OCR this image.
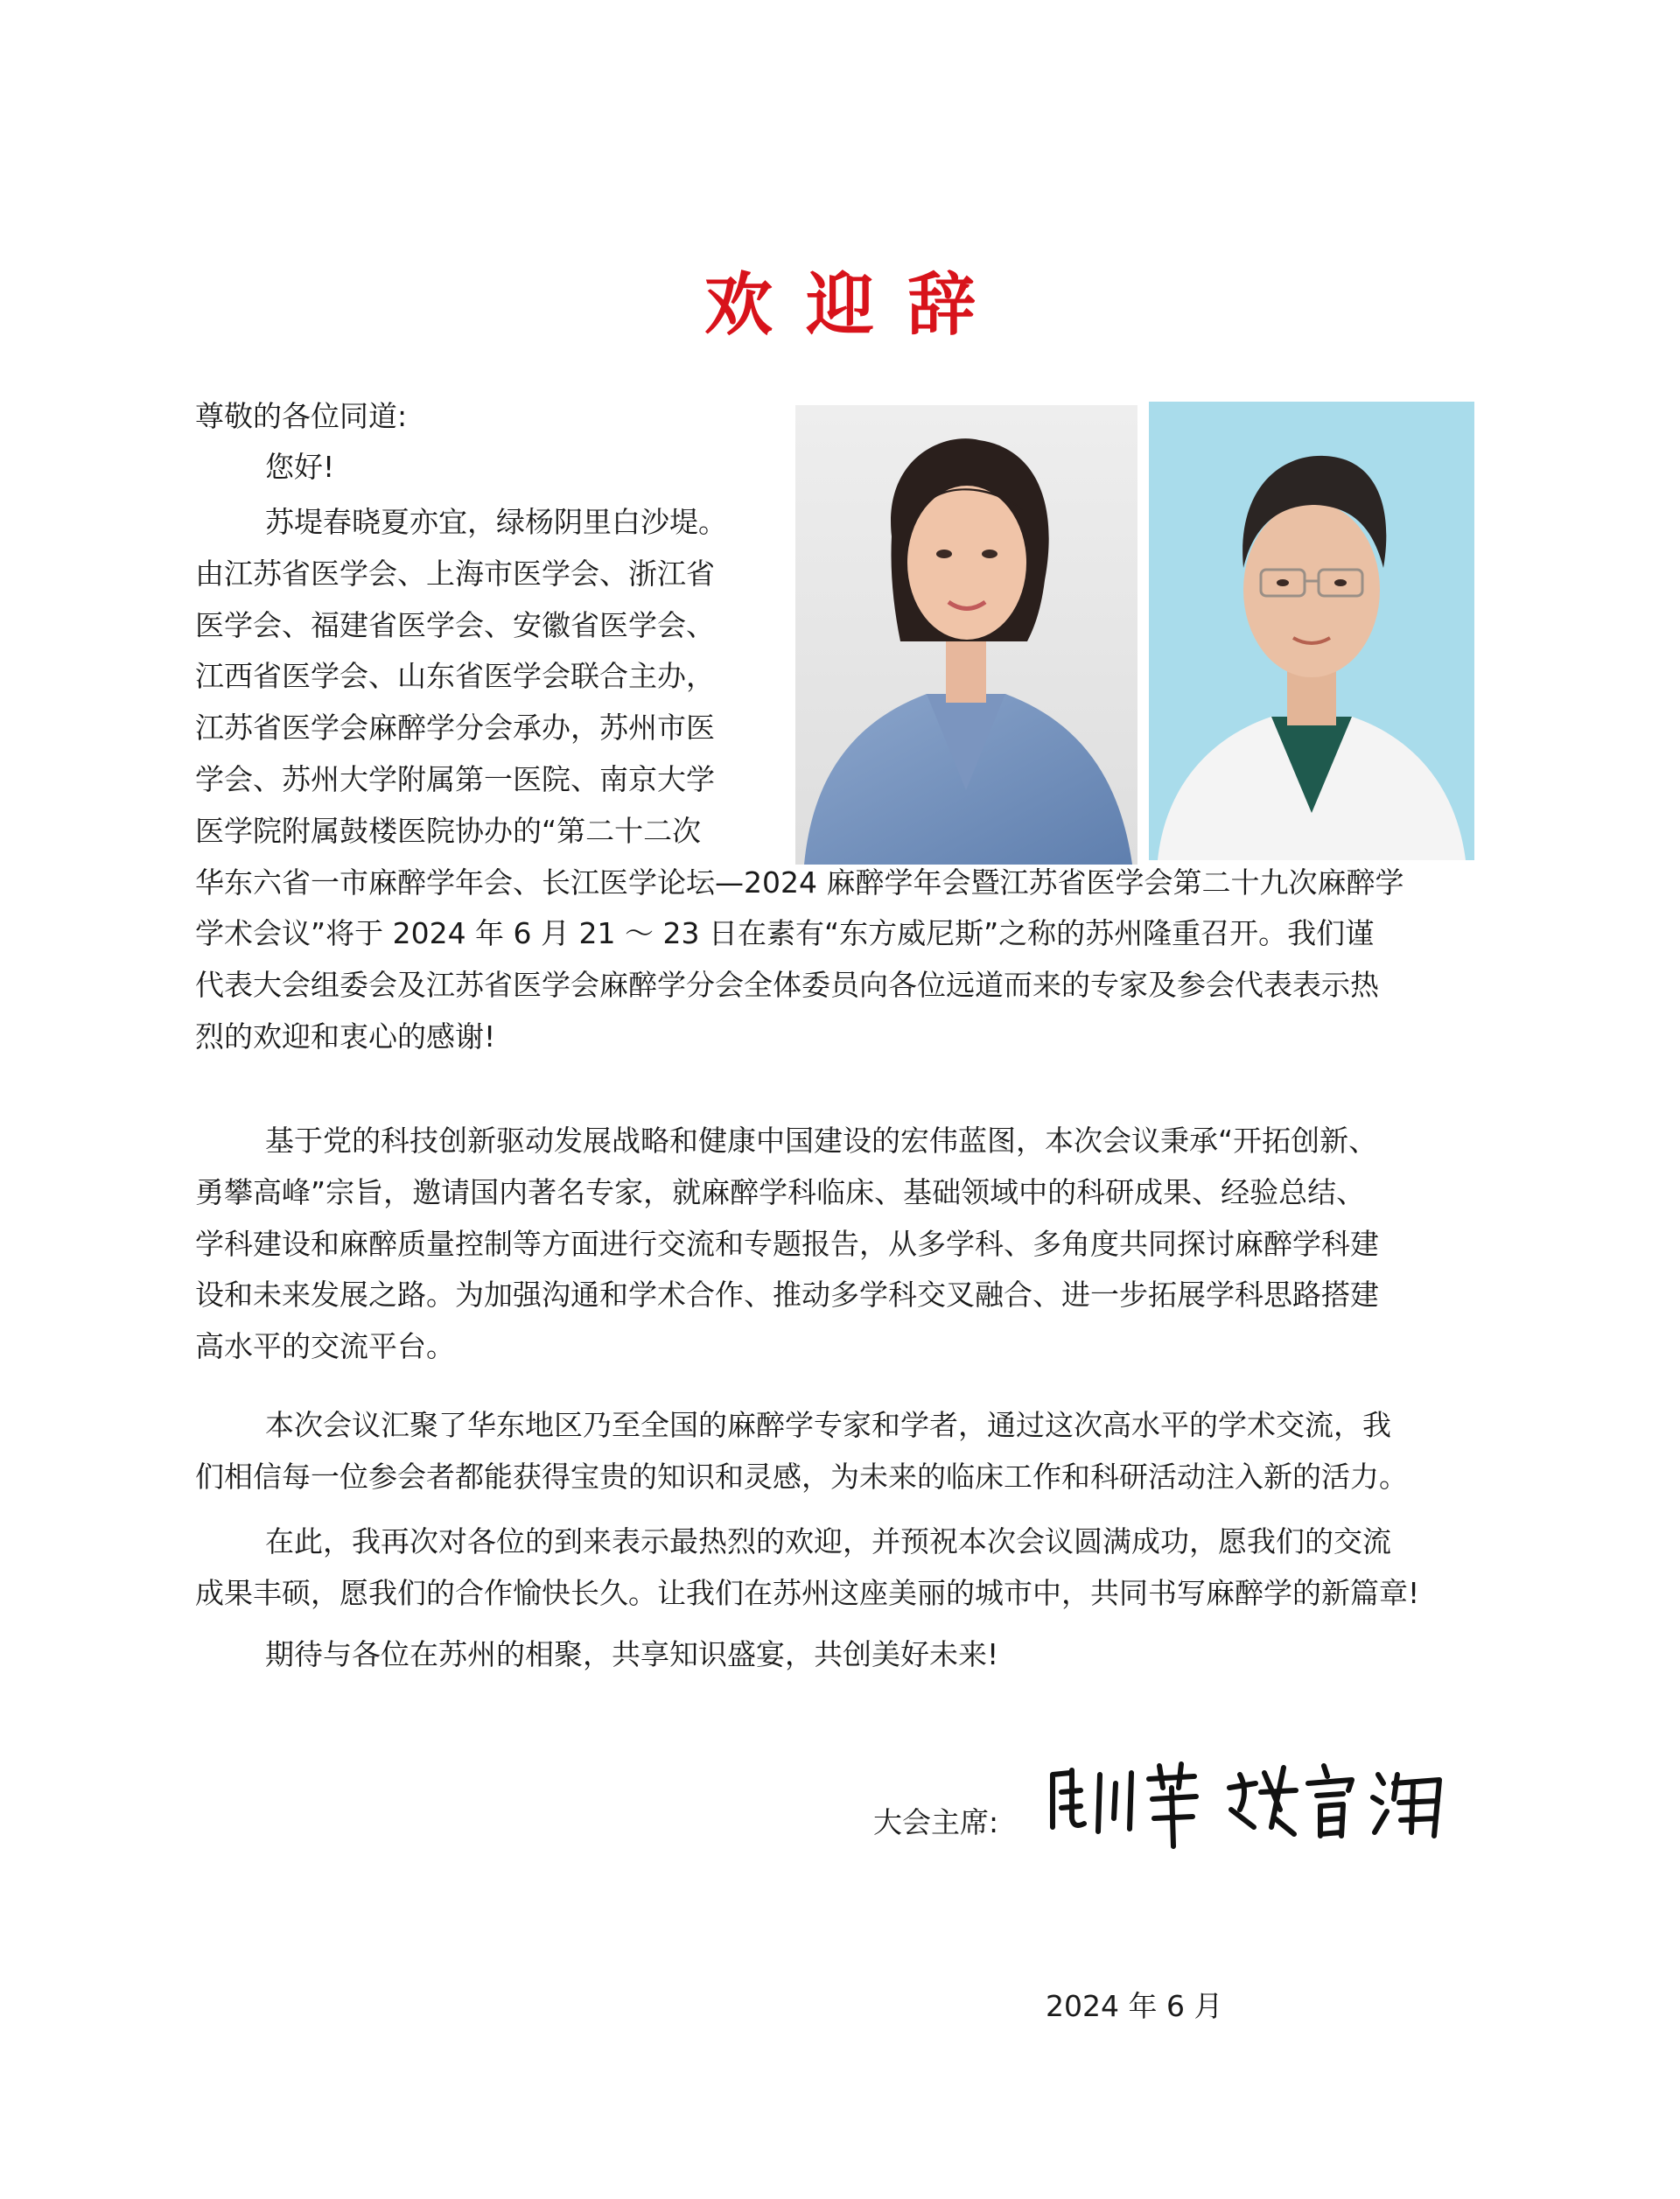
欢迎辞
尊敬的各位同道:
您好!
苏堤春晓夏亦宜，绿杨阴里白沙堤。
由江苏省医学会、上海市医学会、浙江省
医学会、福建省医学会、安徽省医学会、
江西省医学会、山东省医学会联合主办，
江苏省医学会麻醉学分会承办，苏州市医
学会、苏州大学附属第一医院、南京大学
医学院附属鼓楼医院协办的“第二十二次
华东六省一市麻醉学年会、长江医学论坛—2024 麻醉学年会暨江苏省医学会第二十九次麻醉学
学术会议”将于 2024 年 6 月 21 ～ 23 日在素有“东方威尼斯”之称的苏州隆重召开。我们谨
代表大会组委会及江苏省医学会麻醉学分会全体委员向各位远道而来的专家及参会代表表示热
烈的欢迎和衷心的感谢!
基于党的科技创新驱动发展战略和健康中国建设的宏伟蓝图，本次会议秉承“开拓创新、
勇攀高峰”宗旨，邀请国内著名专家，就麻醉学科临床、基础领域中的科研成果、经验总结、
学科建设和麻醉质量控制等方面进行交流和专题报告，从多学科、多角度共同探讨麻醉学科建
设和未来发展之路。为加强沟通和学术合作、推动多学科交叉融合、进一步拓展学科思路搭建
高水平的交流平台。
本次会议汇聚了华东地区乃至全国的麻醉学专家和学者，通过这次高水平的学术交流，我
们相信每一位参会者都能获得宝贵的知识和灵感，为未来的临床工作和科研活动注入新的活力。
在此，我再次对各位的到来表示最热烈的欢迎，并预祝本次会议圆满成功，愿我们的交流
成果丰硕，愿我们的合作愉快长久。让我们在苏州这座美丽的城市中，共同书写麻醉学的新篇章!
期待与各位在苏州的相聚，共享知识盛宴，共创美好未来!
大会主席:
2024 年 6 月
